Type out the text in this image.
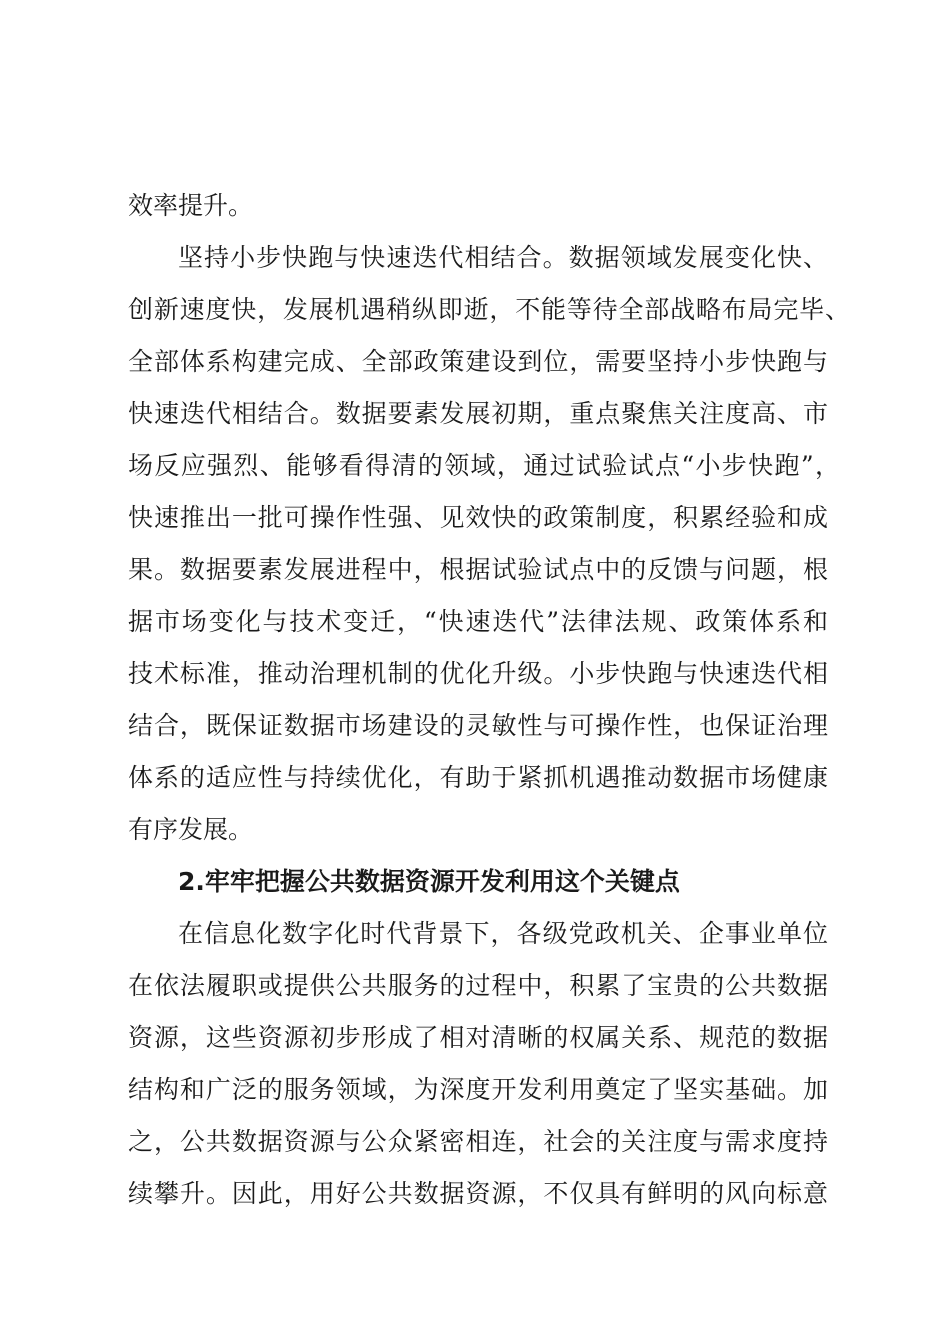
效率提升。
坚持小步快跑与快速迭代相结合。数据领域发展变化快、
创新速度快，发展机遇稍纵即逝，不能等待全部战略布局完毕、
全部体系构建完成、全部政策建设到位，需要坚持小步快跑与
快速迭代相结合。数据要素发展初期，重点聚焦关注度高、市
场反应强烈、能够看得清的领域，通过试验试点“小步快跑”，
快速推出一批可操作性强、见效快的政策制度，积累经验和成
果。数据要素发展进程中，根据试验试点中的反馈与问题，根
据市场变化与技术变迁，“快速迭代”法律法规、政策体系和
技术标准，推动治理机制的优化升级。小步快跑与快速迭代相
结合，既保证数据市场建设的灵敏性与可操作性，也保证治理
体系的适应性与持续优化，有助于紧抓机遇推动数据市场健康
有序发展。
2.牢牢把握公共数据资源开发利用这个关键点
在信息化数字化时代背景下，各级党政机关、企事业单位
在依法履职或提供公共服务的过程中，积累了宝贵的公共数据
资源，这些资源初步形成了相对清晰的权属关系、规范的数据
结构和广泛的服务领域，为深度开发利用奠定了坚实基础。加
之，公共数据资源与公众紧密相连，社会的关注度与需求度持
续攀升。因此，用好公共数据资源，不仅具有鲜明的风向标意
